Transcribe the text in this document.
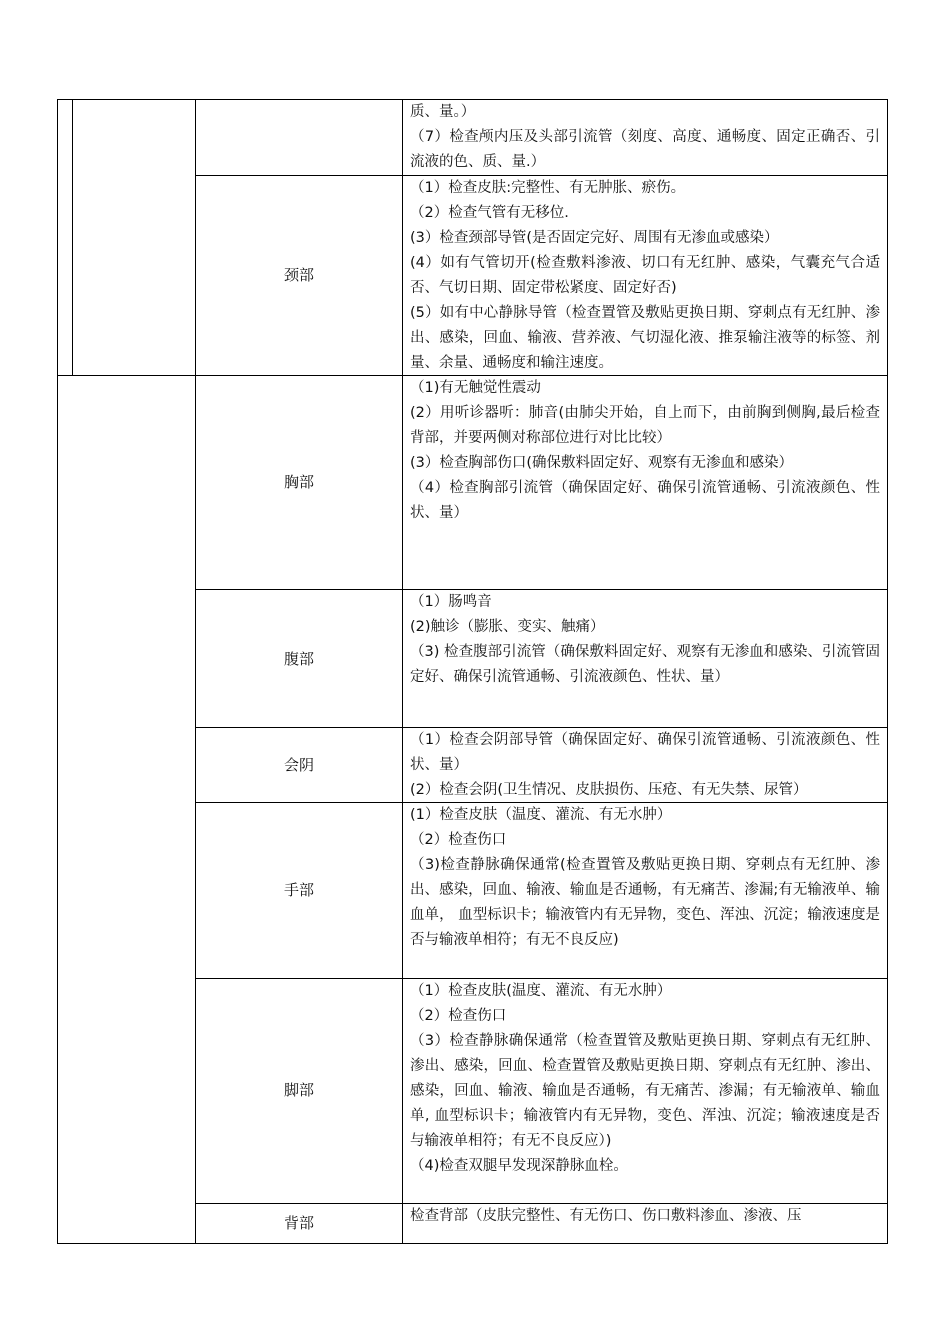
质、量。）

（7）检查颅内压及头部引流管（刻度、高度、通畅度、固定正确否、引流液的色、质、量.）

颈部

（1）检查皮肤:完整性、有无肿胀、瘀伤。

（2）检查气管有无移位.

(3）检查颈部导管(是否固定完好、周围有无渗血或感染）

(4）如有气管切开(检查敷料渗液、切口有无红肿、感染，气囊充气合适否、气切日期、固定带松紧度、固定好否)

(5）如有中心静脉导管（检查置管及敷贴更换日期、穿刺点有无红肿、渗出、感染，回血、输液、营养液、气切湿化液、推泵输注液等的标签、剂量、余量、通畅度和输注速度。

胸部

（1)有无触觉性震动

(2）用听诊器听：肺音(由肺尖开始，自上而下，由前胸到侧胸,最后检查背部，并要两侧对称部位进行对比比较）

(3）检查胸部伤口(确保敷料固定好、观察有无渗血和感染）

（4）检查胸部引流管（确保固定好、确保引流管通畅、引流液颜色、性状、量）

腹部

（1）肠鸣音

(2)触诊（膨胀、变实、触痛）

（3) 检查腹部引流管（确保敷料固定好、观察有无渗血和感染、引流管固定好、确保引流管通畅、引流液颜色、性状、量）

会阴

（1）检查会阴部导管（确保固定好、确保引流管通畅、引流液颜色、性状、量）

(2）检查会阴(卫生情况、皮肤损伤、压疮、有无失禁、尿管）

手部

(1）检查皮肤（温度、灌流、有无水肿）

（2）检查伤口

（3)检查静脉确保通常(检查置管及敷贴更换日期、穿刺点有无红肿、渗出、感染，回血、输液、输血是否通畅，有无痛苦、渗漏;有无输液单、输血单， 血型标识卡；输液管内有无异物，变色、浑浊、沉淀；输液速度是否与输液单相符；有无不良反应)

脚部

（1）检查皮肤(温度、灌流、有无水肿）

（2）检查伤口

（3）检查静脉确保通常（检查置管及敷贴更换日期、穿刺点有无红肿、渗出、感染，回血、检查置管及敷贴更换日期、穿刺点有无红肿、渗出、感染，回血、输液、输血是否通畅，有无痛苦、渗漏；有无输液单、输血单, 血型标识卡；输液管内有无异物，变色、浑浊、沉淀；输液速度是否与输液单相符；有无不良反应）)

（4)检查双腿早发现深静脉血栓。

背部	检查背部（皮肤完整性、有无伤口、伤口敷料渗血、渗液、压
